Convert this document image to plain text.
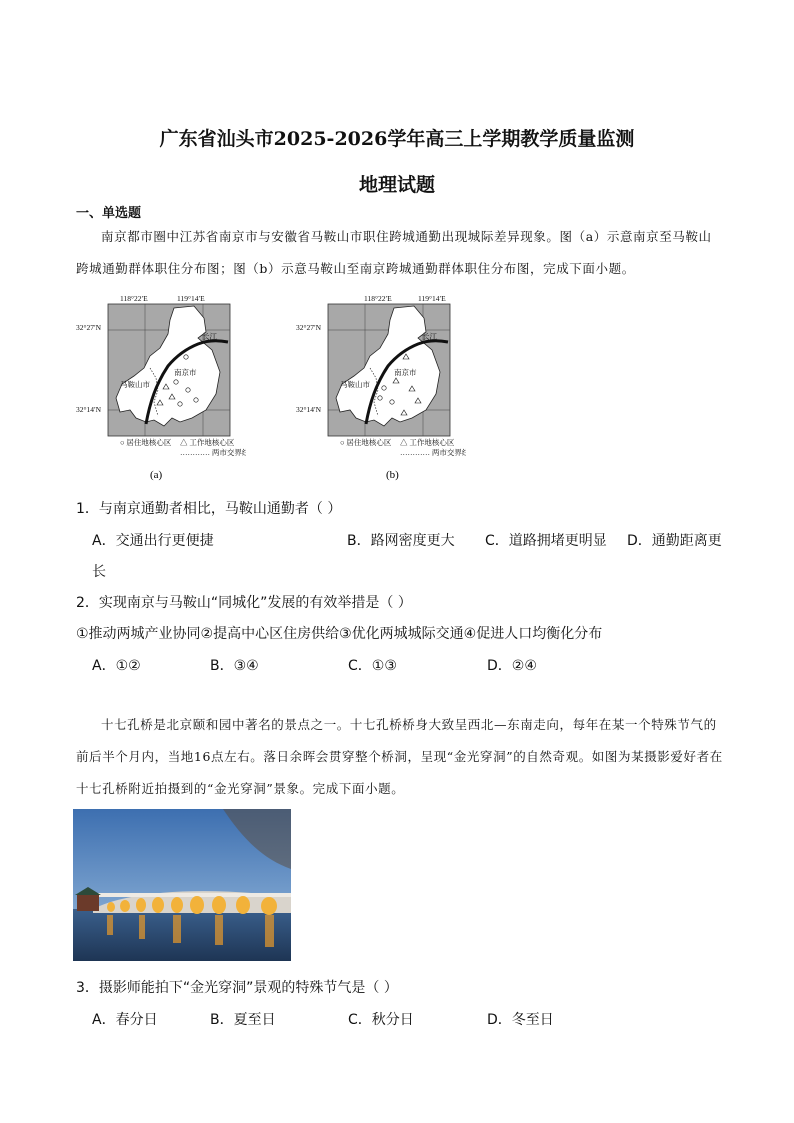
广东省汕头市2025-2026学年高三上学期教学质量监测
地理试题
一、单选题
南京都市圈中江苏省南京市与安徽省马鞍山市职住跨城通勤出现城际差异现象。图（a）示意南京至马鞍山跨城通勤群体职住分布图；图（b）示意马鞍山至南京跨城通勤群体职住分布图，完成下面小题。
118°22′E	119°14′E
32°27′N
32°14′N
南京市
马鞍山市
长江
○ 居住地核心区 △ 工作地核心区
………… 两市交界线
(a)
118°22′E	119°14′E
32°27′N
32°14′N
南京市
马鞍山市
长江
○ 居住地核心区 △ 工作地核心区
………… 两市交界线
(b)
1．与南京通勤者相比，马鞍山通勤者（ ）
A．交通出行更便捷	B．路网密度更大 C．道路拥堵更明显 D．通勤距离更
长
2．实现南京与马鞍山“同城化”发展的有效举措是（ ）
①推动两城产业协同②提高中心区住房供给③优化两城城际交通④促进人口均衡化分布
A．①②	B．③④	C．①③	D．②④
十七孔桥是北京颐和园中著名的景点之一。十七孔桥桥身大致呈西北—东南走向，每年在某一个特殊节气的前后半个月内，当地16点左右。落日余晖会贯穿整个桥洞，呈现“金光穿洞”的自然奇观。如图为某摄影爱好者在十七孔桥附近拍摄到的“金光穿洞”景象。完成下面小题。
3．摄影师能拍下“金光穿洞”景观的特殊节气是（ ）
A．春分日	B．夏至日	C．秋分日	D．冬至日
